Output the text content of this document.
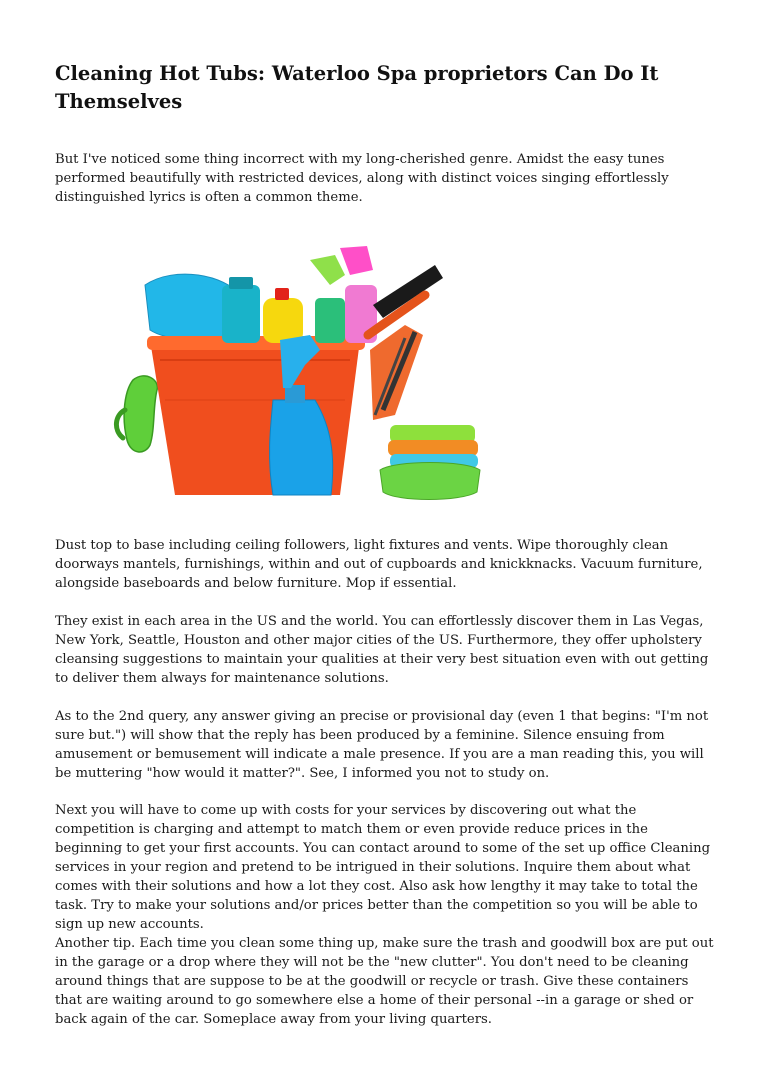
Cleaning Hot Tubs: Waterloo Spa proprietors Can Do It Themselves

But I've noticed some thing incorrect with my long-cherished genre. Amidst the easy tunes performed beautifully with restricted devices, along with distinct voices singing effortlessly distinguished lyrics is often a common theme.

Dust top to base including ceiling followers, light fixtures and vents. Wipe thoroughly clean doorways mantels, furnishings, within and out of cupboards and knickknacks. Vacuum furniture, alongside baseboards and below furniture. Mop if essential.

They exist in each area in the US and the world. You can effortlessly discover them in Las Vegas, New York, Seattle, Houston and other major cities of the US. Furthermore, they offer upholstery cleansing suggestions to maintain your qualities at their very best situation even with out getting to deliver them always for maintenance solutions.

As to the 2nd query, any answer giving an precise or provisional day (even 1 that begins: "I'm not sure but.") will show that the reply has been produced by a feminine. Silence ensuing from amusement or bemusement will indicate a male presence. If you are a man reading this, you will be muttering "how would it matter?". See, I informed you not to study on.

Next you will have to come up with costs for your services by discovering out what the competition is charging and attempt to match them or even provide reduce prices in the beginning to get your first accounts. You can contact around to some of the set up office Cleaning services in your region and pretend to be intrigued in their solutions. Inquire them about what comes with their solutions and how a lot they cost. Also ask how lengthy it may take to total the task. Try to make your solutions and/or prices better than the competition so you will be able to sign up new accounts.

Another tip. Each time you clean some thing up, make sure the trash and goodwill box are put out in the garage or a drop where they will not be the "new clutter". You don't need to be cleaning around things that are suppose to be at the goodwill or recycle or trash. Give these containers that are waiting around to go somewhere else a home of their personal --in a garage or shed or back again of the car. Someplace away from your living quarters.
